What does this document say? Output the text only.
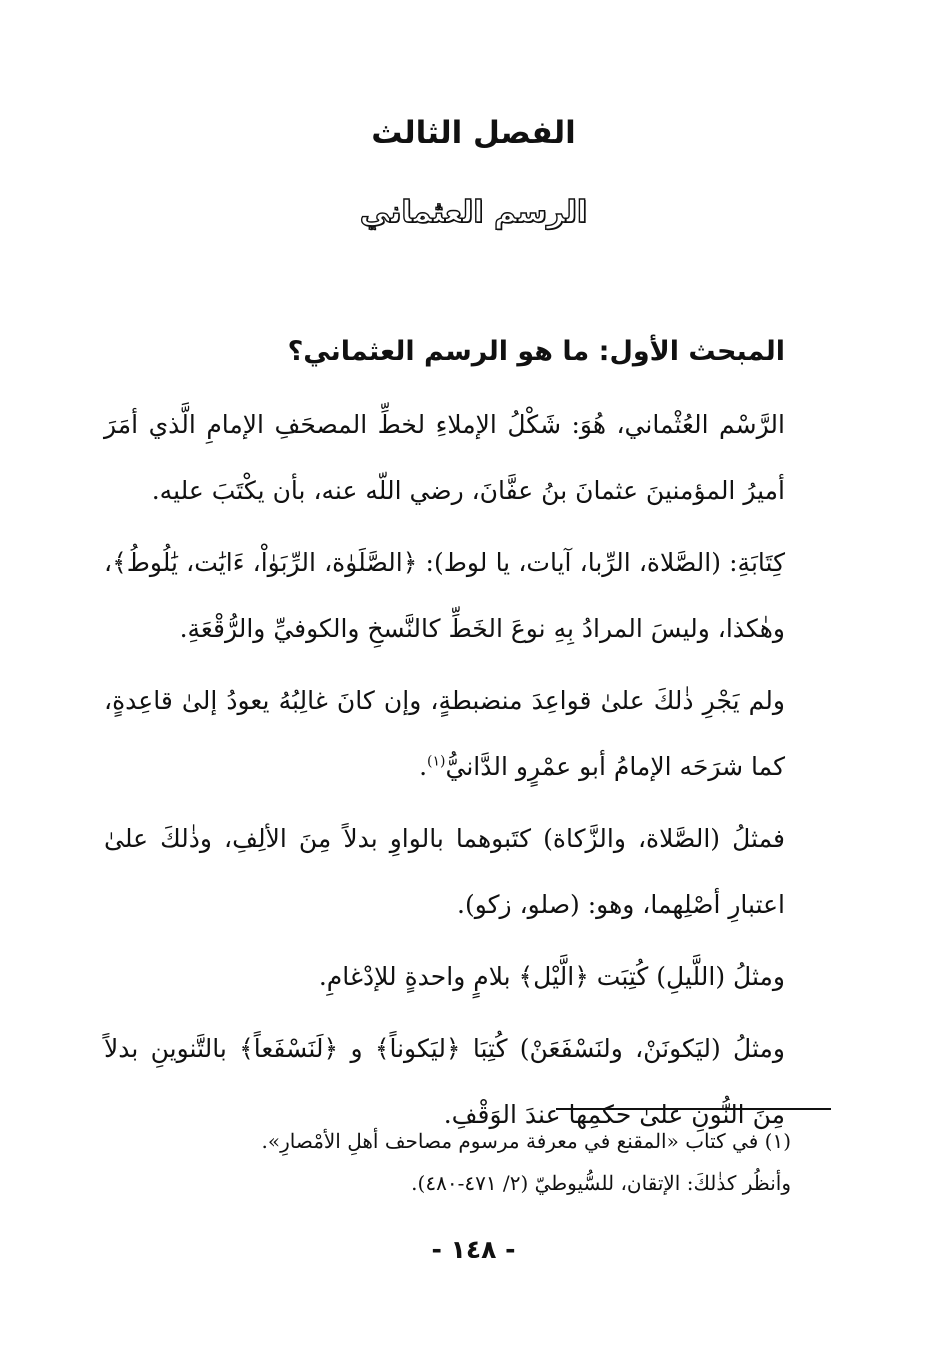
الفصل الثالث
الرسم العثماني
المبحث الأول: ما هو الرسم العثماني؟

الرَّسْم العُثْماني، هُوَ: شَكْلُ الإملاءِ لخطِّ المصحَفِ الإمامِ الَّذي أمَرَ أميرُ المؤمنينَ عثمانَ بنُ عفَّانَ، رضي اللّه عنه، بأن يكْتَبَ عليه.

كِتَابَةِ: (الصَّلاة، الرِّبا، آيات، يا لوط): ﴿الصَّلَوٰة، الرِّبَوٰاْ، ءَايَٰت، يَٰلُوطُ﴾، وهٰكذا، وليسَ المرادُ بِهِ نوعَ الخَطِّ كالنَّسخِ والكوفيِّ والرُّقْعَةِ.

ولم يَجْرِ ذٰلكَ علىٰ قواعِدَ منضبطةٍ، وإن كانَ غالِبُهُ يعودُ إلىٰ قاعِدةٍ، كما شرَحَه الإمامُ أبو عمْرٍو الدَّانيُّ$^{(١)}$.

فمثلُ (الصَّلاة، والزَّكاة) كتَبوهما بالواوِ بدلاً مِنَ الألِفِ، وذٰلكَ علىٰ اعتبارِ أصْلِهما، وهو: (صلو، زكو).

ومثلُ (اللَّيلِ) كُتِبَت ﴿الَّيْل﴾ بلامٍ واحدةٍ للإدْغامِ.

ومثلُ (ليَكونَنْ، ولنَسْفَعَنْ) كُتِبَا ﴿ليَكوناً﴾ و ﴿لَنَسْفَعاً﴾ بالتَّنوينِ بدلاً مِنَ النُّونِ علىٰ حكمِها عندَ الوَقْفِ.

(١) في كتاب «المقنع في معرفة مرسوم مصاحف أهلِ الأمْصارِ».

وأنظُر كذٰلكَ: الإتقان، للسُّيوطيّ (٢/ ٤٧١-٤٨٠).

- ١٤٨ -
